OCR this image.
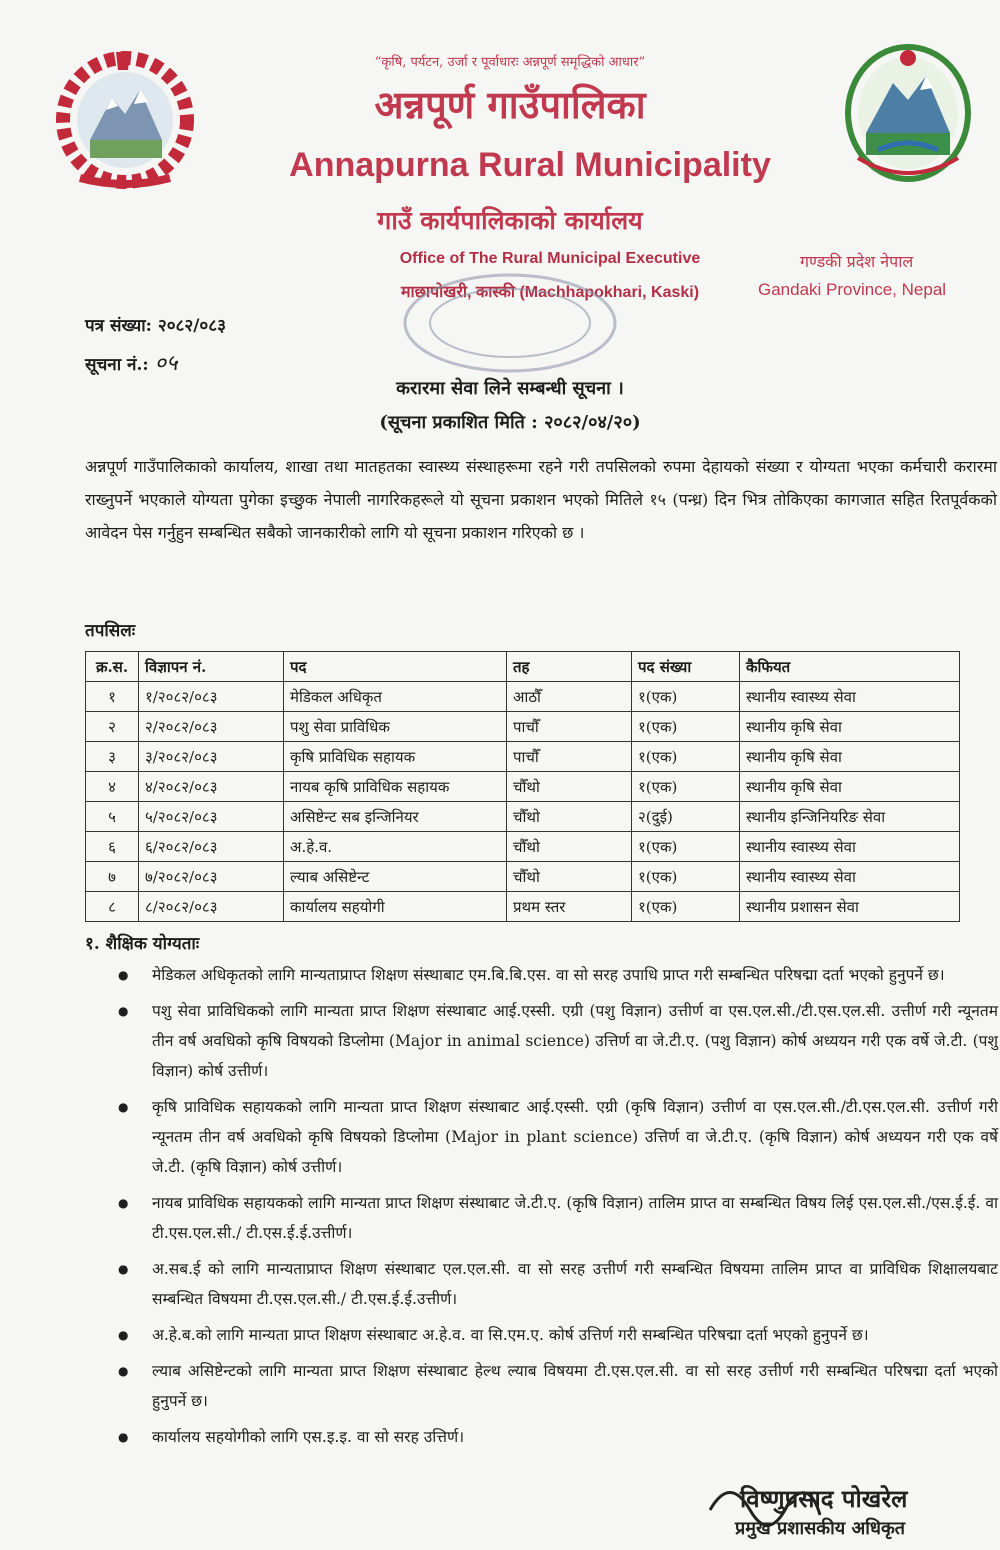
“कृषि, पर्यटन, उर्जा र पूर्वाधारः अन्नपूर्ण समृद्धिको आधार”
अन्नपूर्ण गाउँपालिका
Annapurna Rural Municipality
गाउँ कार्यपालिकाको कार्यालय
Office of The Rural Municipal Executive
माछापोखरी, कास्की (Machhapokhari, Kaski)
गण्डकी प्रदेश नेपाल
Gandaki Province, Nepal
पत्र संख्या: २०८२/०८३
सूचना नं.: ०५
करारमा सेवा लिने सम्बन्धी सूचना ।
(सूचना प्रकाशित मिति : २०८२/०४/२०)
अन्नपूर्ण गाउँपालिकाको कार्यालय, शाखा तथा मातहतका स्वास्थ्य संस्थाहरूमा रहने गरी तपसिलको रुपमा देहायको संख्या र योग्यता भएका कर्मचारी करारमा राख्नुपर्ने भएकाले योग्यता पुगेका इच्छुक नेपाली नागरिकहरूले यो सूचना प्रकाशन भएको मितिले १५ (पन्ध्र) दिन भित्र तोकिएका कागजात सहित रितपूर्वकको आवेदन पेस गर्नुहुन सम्बन्धित सबैको जानकारीको लागि यो सूचना प्रकाशन गरिएको छ ।
तपसिलः
क्र.स.	विज्ञापन नं.	पद	तह	पद संख्या	कैफियत
१	१/२०८२/०८३	मेडिकल अधिकृत	आठौँ	१(एक)	स्थानीय स्वास्थ्य सेवा
२	२/२०८२/०८३	पशु सेवा प्राविधिक	पाचौँ	१(एक)	स्थानीय कृषि सेवा
३	३/२०८२/०८३	कृषि प्राविधिक सहायक	पाचौँ	१(एक)	स्थानीय कृषि सेवा
४	४/२०८२/०८३	नायब कृषि प्राविधिक सहायक	चौँथो	१(एक)	स्थानीय कृषि सेवा
५	५/२०८२/०८३	असिष्टेन्ट सब इन्जिनियर	चौँथो	२(दुई)	स्थानीय इन्जिनियरिङ सेवा
६	६/२०८२/०८३	अ.हे.व.	चौँथो	१(एक)	स्थानीय स्वास्थ्य सेवा
७	७/२०८२/०८३	ल्याब असिष्टेन्ट	चौँथो	१(एक)	स्थानीय स्वास्थ्य सेवा
८	८/२०८२/०८३	कार्यालय सहयोगी	प्रथम स्तर	१(एक)	स्थानीय प्रशासन सेवा
१. शैक्षिक योग्यताः
● मेडिकल अधिकृतको लागि मान्यताप्राप्त शिक्षण संस्थाबाट एम.बि.बि.एस. वा सो सरह उपाधि प्राप्त गरी सम्बन्धित परिषद्मा दर्ता भएको हुनुपर्ने छ।
● पशु सेवा प्राविधिकको लागि मान्यता प्राप्त शिक्षण संस्थाबाट आई.एस्सी. एग्री (पशु विज्ञान) उत्तीर्ण वा एस.एल.सी./टी.एस.एल.सी. उत्तीर्ण गरी न्यूनतम तीन वर्ष अवधिको कृषि विषयको डिप्लोमा (Major in animal science) उत्तिर्ण वा जे.टी.ए. (पशु विज्ञान) कोर्ष अध्ययन गरी एक वर्षे जे.टी. (पशु विज्ञान) कोर्ष उत्तीर्ण।
● कृषि प्राविधिक सहायकको लागि मान्यता प्राप्त शिक्षण संस्थाबाट आई.एस्सी. एग्री (कृषि विज्ञान) उत्तीर्ण वा एस.एल.सी./टी.एस.एल.सी. उत्तीर्ण गरी न्यूनतम तीन वर्ष अवधिको कृषि विषयको डिप्लोमा (Major in plant science) उत्तिर्ण वा जे.टी.ए. (कृषि विज्ञान) कोर्ष अध्ययन गरी एक वर्षे जे.टी. (कृषि विज्ञान) कोर्ष उत्तीर्ण।
● नायब प्राविधिक सहायकको लागि मान्यता प्राप्त शिक्षण संस्थाबाट जे.टी.ए. (कृषि विज्ञान) तालिम प्राप्त वा सम्बन्धित विषय लिई एस.एल.सी./एस.ई.ई. वा टी.एस.एल.सी./ टी.एस.ई.ई.उत्तीर्ण।
● अ.सब.ई को लागि मान्यताप्राप्त शिक्षण संस्थाबाट एल.एल.सी. वा सो सरह उत्तीर्ण गरी सम्बन्धित विषयमा तालिम प्राप्त वा प्राविधिक शिक्षालयबाट सम्बन्धित विषयमा टी.एस.एल.सी./ टी.एस.ई.ई.उत्तीर्ण।
● अ.हे.ब.को लागि मान्यता प्राप्त शिक्षण संस्थाबाट अ.हे.व. वा सि.एम.ए. कोर्ष उत्तिर्ण गरी सम्बन्धित परिषद्मा दर्ता भएको हुनुपर्ने छ।
● ल्याब असिष्टेन्टको लागि मान्यता प्राप्त शिक्षण संस्थाबाट हेल्थ ल्याब विषयमा टी.एस.एल.सी. वा सो सरह उत्तीर्ण गरी सम्बन्धित परिषद्मा दर्ता भएको हुनुपर्ने छ।
● कार्यालय सहयोगीको लागि एस.इ.इ. वा सो सरह उत्तिर्ण।
विष्णुप्रसाद पोखरेल
प्रमुख प्रशासकीय अधिकृत
